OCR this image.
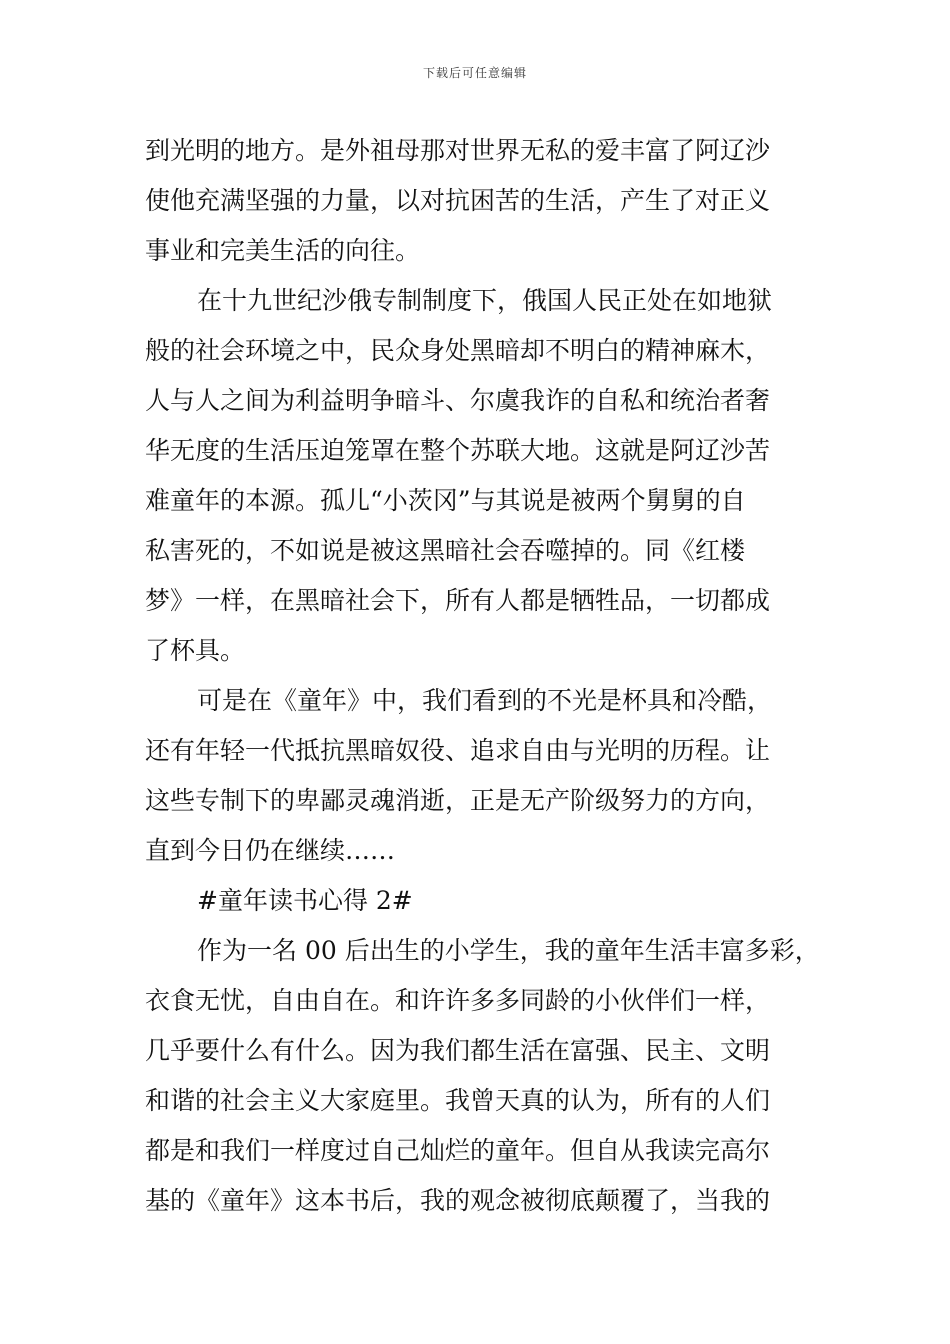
下载后可任意编辑
到光明的地方。是外祖母那对世界无私的爱丰富了阿辽沙
使他充满坚强的力量，以对抗困苦的生活，产生了对正义
事业和完美生活的向往。
在十九世纪沙俄专制制度下，俄国人民正处在如地狱
般的社会环境之中，民众身处黑暗却不明白的精神麻木，
人与人之间为利益明争暗斗、尔虞我诈的自私和统治者奢
华无度的生活压迫笼罩在整个苏联大地。这就是阿辽沙苦
难童年的本源。孤儿“小茨冈”与其说是被两个舅舅的自
私害死的，不如说是被这黑暗社会吞噬掉的。同《红楼
梦》一样，在黑暗社会下，所有人都是牺牲品，一切都成
了杯具。
可是在《童年》中，我们看到的不光是杯具和冷酷，
还有年轻一代抵抗黑暗奴役、追求自由与光明的历程。让
这些专制下的卑鄙灵魂消逝，正是无产阶级努力的方向，
直到今日仍在继续……
#童年读书心得 2#
作为一名 00 后出生的小学生，我的童年生活丰富多彩，
衣食无忧，自由自在。和许许多多同龄的小伙伴们一样，
几乎要什么有什么。因为我们都生活在富强、民主、文明
和谐的社会主义大家庭里。我曾天真的认为，所有的人们
都是和我们一样度过自己灿烂的童年。但自从我读完高尔
基的《童年》这本书后，我的观念被彻底颠覆了，当我的
